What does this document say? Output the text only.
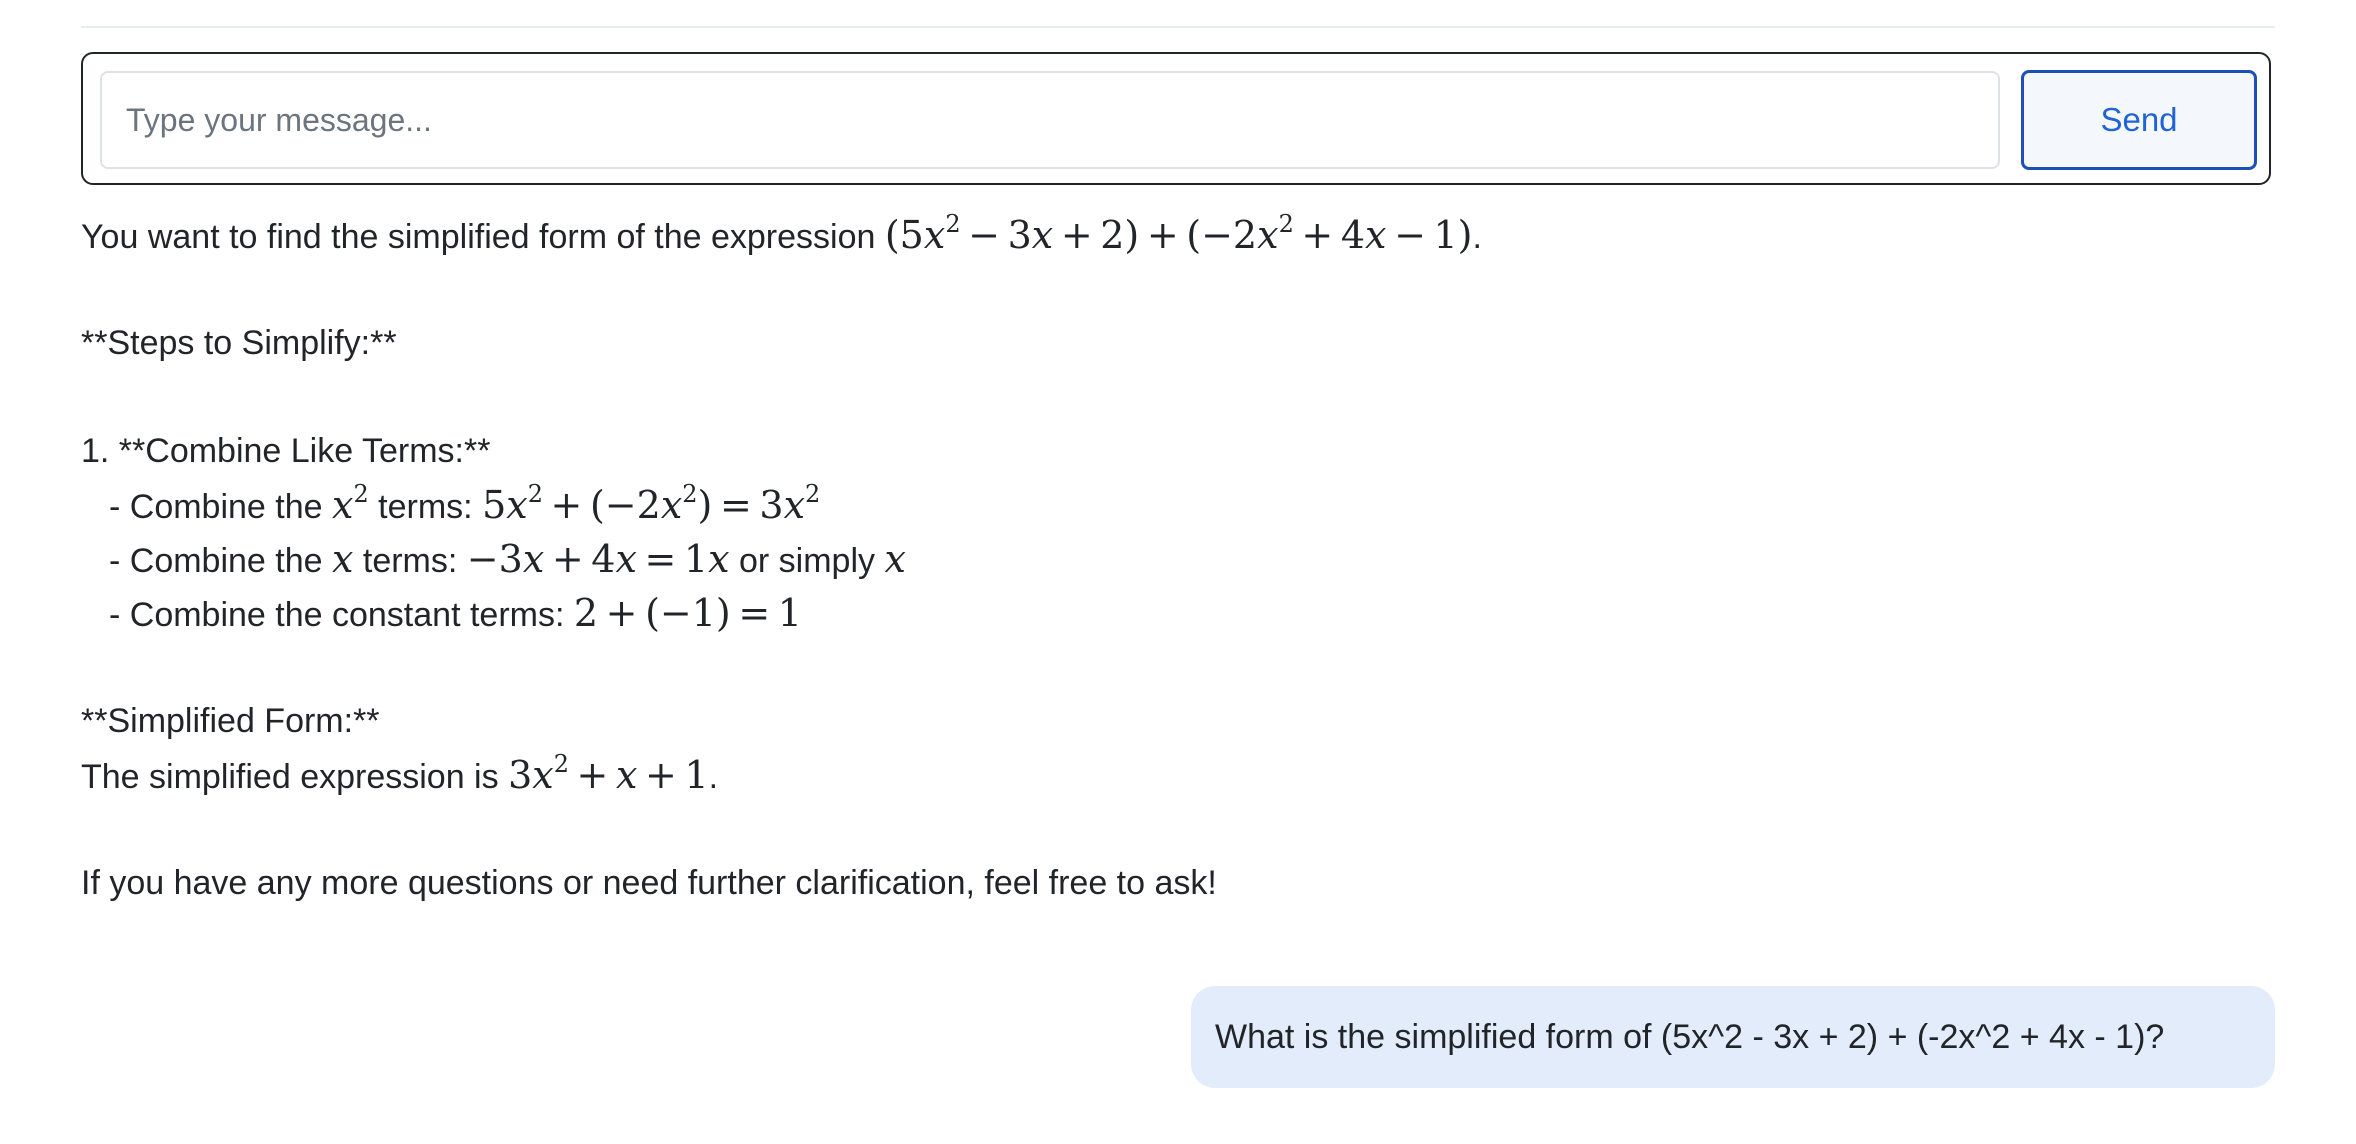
Type your message...
Send
You want to find the simplified form of the expression $(5x^2 - 3x + 2) + (-2x^2 + 4x - 1)$.
**Steps to Simplify:**
1. **Combine Like Terms:**
- Combine the $x^2$ terms: $5x^2 + (-2x^2) = 3x^2$
- Combine the x terms: −3x + 4x = 1x or simply x
- Combine the constant terms: 2 + (−1) = 1
**Simplified Form:**
The simplified expression is $3x^2 + x + 1$.
If you have any more questions or need further clarification, feel free to ask!
What is the simplified form of (5x^2 - 3x + 2) + (-2x^2 + 4x - 1)?
